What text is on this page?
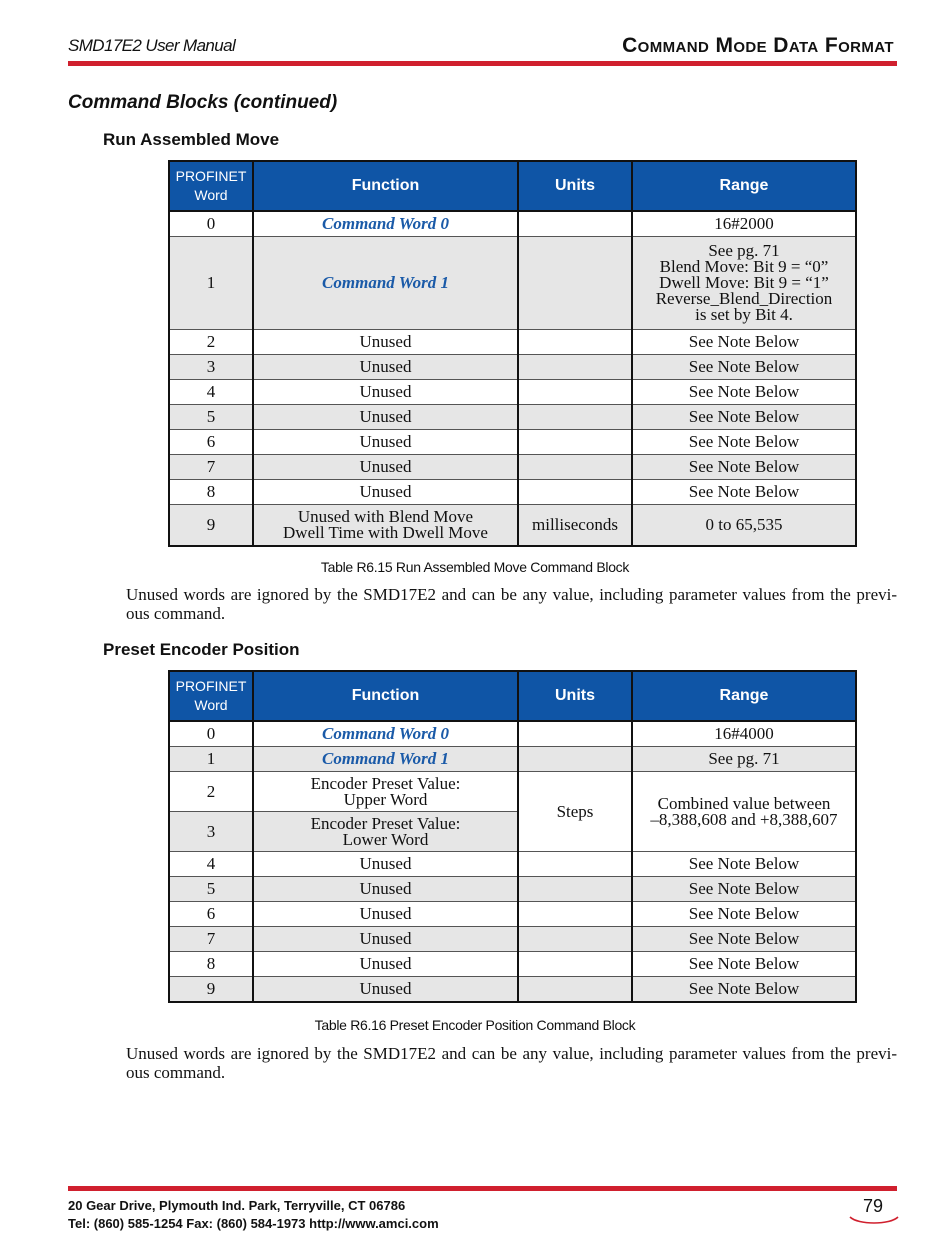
SMD17E2 User Manual	Command Mode Data Format
Command Blocks (continued)
Run Assembled Move
PROFINET Word	Function	Units	Range
0	Command Word 0		16#2000
1	Command Word 1		See pg. 71
Blend Move: Bit 9 = “0”
Dwell Move: Bit 9 = “1”
Reverse_Blend_Direction
is set by Bit 4.
2	Unused		See Note Below
3	Unused		See Note Below
4	Unused		See Note Below
5	Unused		See Note Below
6	Unused		See Note Below
7	Unused		See Note Below
8	Unused		See Note Below
9	Unused with Blend Move
Dwell Time with Dwell Move	milliseconds	0 to 65,535
Table R6.15 Run Assembled Move Command Block
Unused words are ignored by the SMD17E2 and can be any value, including parameter values from the previ-ous command.
Preset Encoder Position
PROFINET Word	Function	Units	Range
0	Command Word 0		16#4000
1	Command Word 1		See pg. 71
2	Encoder Preset Value:
Upper Word	Steps	Combined value between
–8,388,608 and +8,388,607
3	Encoder Preset Value:
Lower Word		
4	Unused		See Note Below
5	Unused		See Note Below
6	Unused		See Note Below
7	Unused		See Note Below
8	Unused		See Note Below
9	Unused		See Note Below
Table R6.16 Preset Encoder Position Command Block
Unused words are ignored by the SMD17E2 and can be any value, including parameter values from the previ-ous command.
20 Gear Drive, Plymouth Ind. Park, Terryville, CT 06786
Tel: (860) 585-1254 Fax: (860) 584-1973 http://www.amci.com
79
